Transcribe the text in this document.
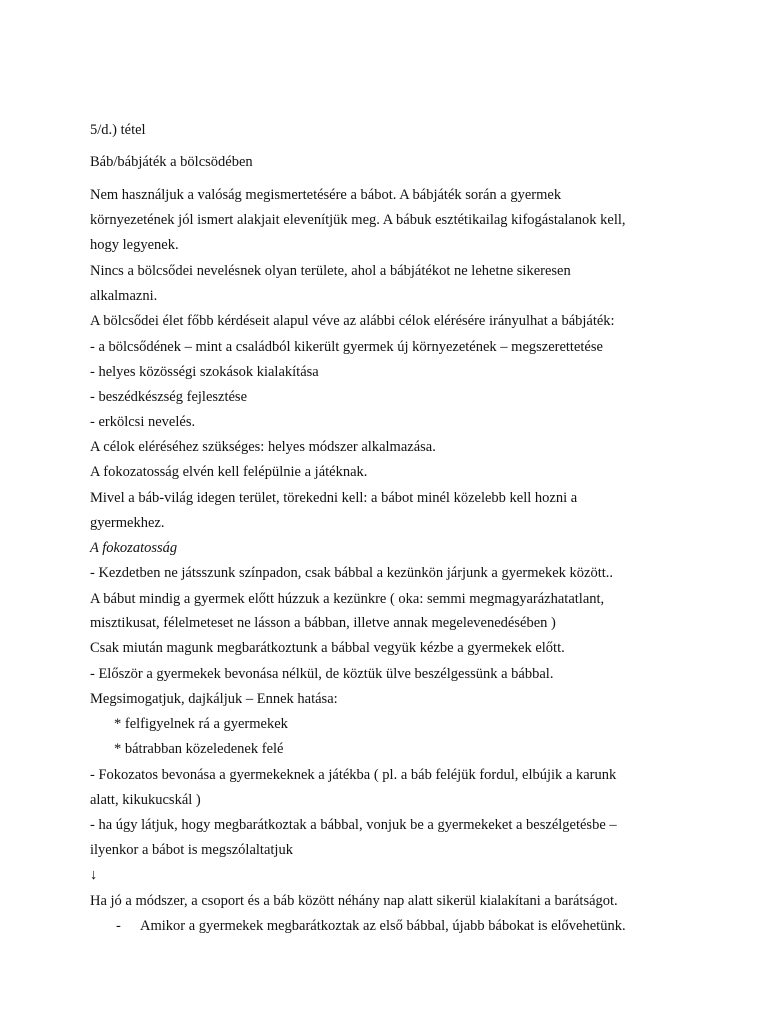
5/d.) tétel
Báb/bábjáték a bölcsödében
Nem használjuk a valóság megismertetésére a bábot. A bábjáték során a gyermek
környezetének jól ismert alakjait elevenítjük meg. A bábuk esztétikailag kifogástalanok kell,
hogy legyenek.
Nincs a bölcsődei nevelésnek olyan területe, ahol a bábjátékot ne lehetne sikeresen
alkalmazni.
A bölcsődei élet főbb kérdéseit alapul véve az alábbi célok elérésére irányulhat a bábjáték:
- a bölcsődének – mint a családból kikerült gyermek új környezetének – megszerettetése
- helyes közösségi szokások kialakítása
- beszédkészség fejlesztése
- erkölcsi nevelés.
A célok eléréséhez szükséges: helyes módszer alkalmazása.
A fokozatosság elvén kell felépülnie a játéknak.
Mivel a báb-világ idegen terület, törekedni kell: a bábot minél közelebb kell hozni a
gyermekhez.
A fokozatosság
- Kezdetben ne játsszunk színpadon, csak bábbal a kezünkön járjunk a gyermekek között..
A bábut mindig a gyermek előtt húzzuk a kezünkre ( oka: semmi megmagyarázhatatlant,
misztikusat, félelmeteset ne lásson a bábban, illetve annak megelevenedésében )
Csak miután magunk megbarátkoztunk a bábbal vegyük kézbe a gyermekek előtt.
- Először a gyermekek bevonása nélkül, de köztük ülve beszélgessünk a bábbal.
Megsimogatjuk, dajkáljuk – Ennek hatása:
* felfigyelnek rá a gyermekek
* bátrabban közeledenek felé
- Fokozatos bevonása a gyermekeknek a játékba ( pl. a báb feléjük fordul, elbújik a karunk
alatt, kikukucskál )
- ha úgy látjuk, hogy megbarátkoztak a bábbal, vonjuk be a gyermekeket a beszélgetésbe –
ilyenkor a bábot is megszólaltatjuk
↓
Ha jó a módszer, a csoport és a báb között néhány nap alatt sikerül kialakítani a barátságot.
- Amikor a gyermekek megbarátkoztak az első bábbal, újabb bábokat is elővehetünk.
